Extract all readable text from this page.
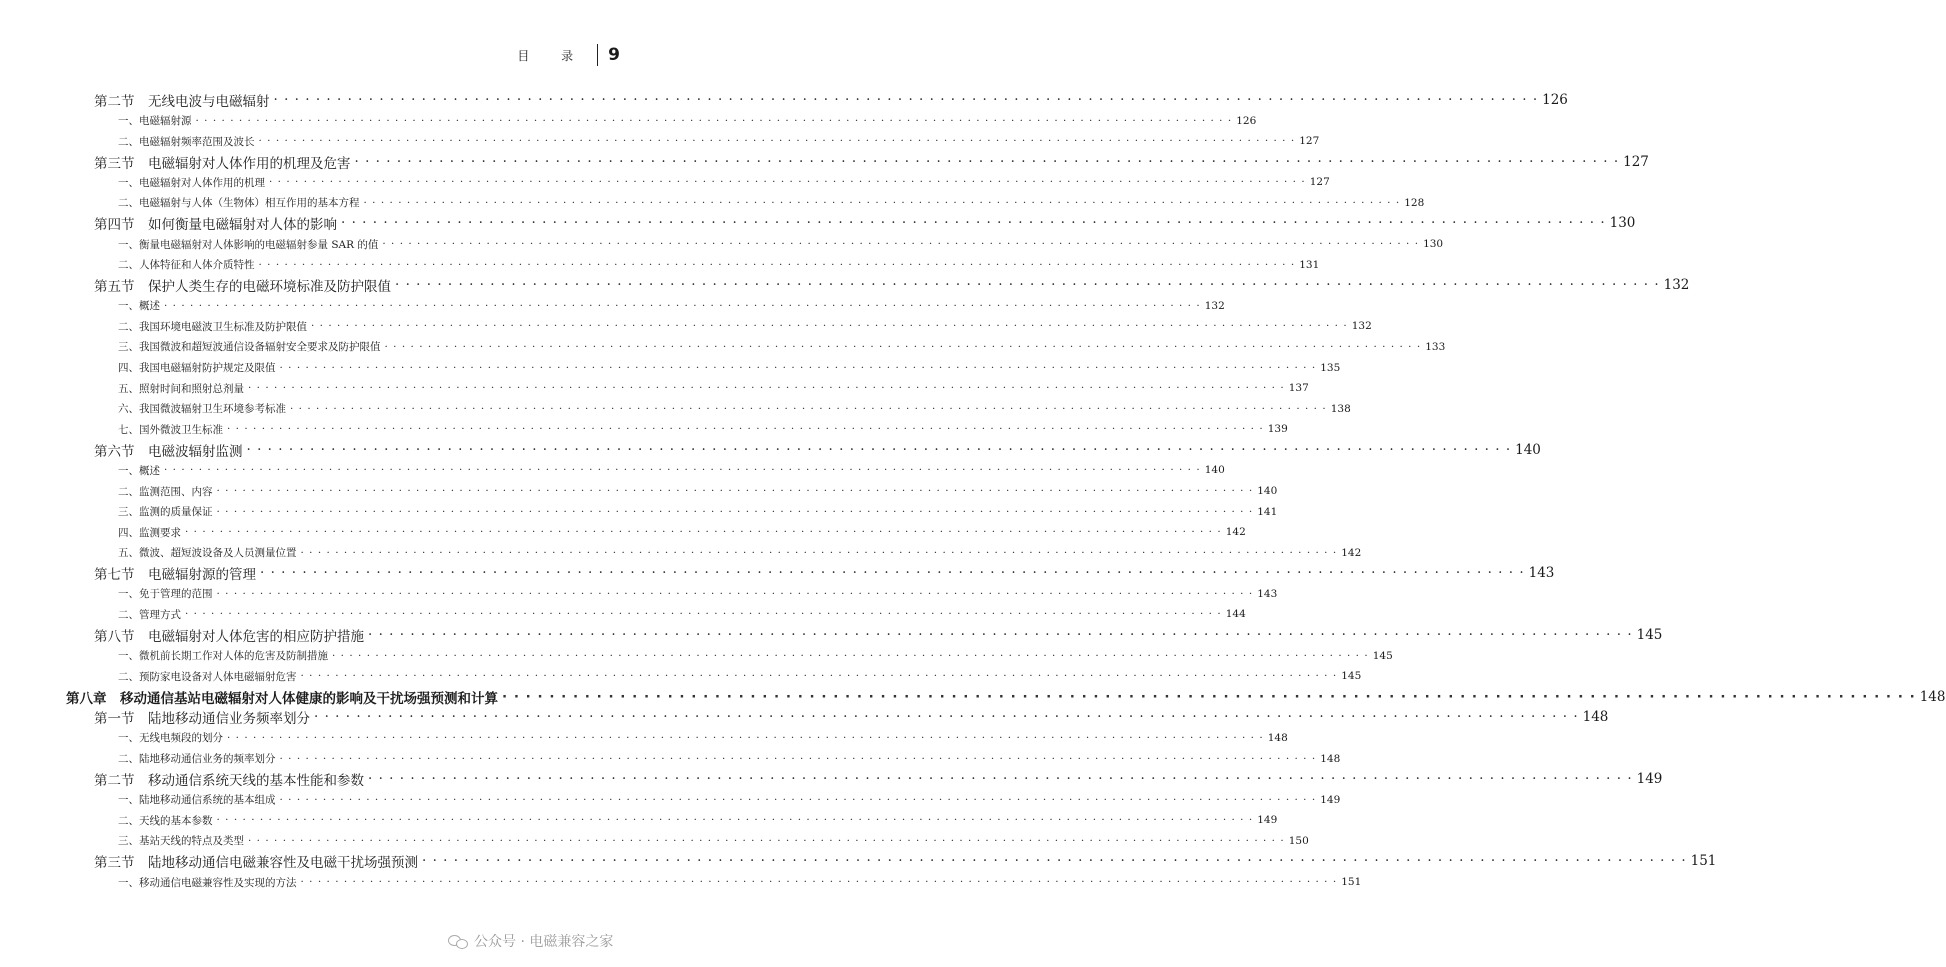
目 录 9
第二节　无线电波与电磁辐射 · · · · · · · · · · · · · · · · · · · · · · · · · · · · · · · · · · · · · · · · · · · · · · · · · · · · · · · · · · · · · · · · · · · · · · · · · · · · · · · · · · · · · · · · · · · · · · · · · · · · · · · · · · · · · · · · · · · · · · · · 126
一、电磁辐射源 · · · · · · · · · · · · · · · · · · · · · · · · · · · · · · · · · · · · · · · · · · · · · · · · · · · · · · · · · · · · · · · · · · · · · · · · · · · · · · · · · · · · · · · · · · · · · · · · · · · · · · · · · · · · · · · · · · · · · · · · 126
二、电磁辐射频率范围及波长 · · · · · · · · · · · · · · · · · · · · · · · · · · · · · · · · · · · · · · · · · · · · · · · · · · · · · · · · · · · · · · · · · · · · · · · · · · · · · · · · · · · · · · · · · · · · · · · · · · · · · · · · · · · · · · · · · · · · · · · · 127
第三节　电磁辐射对人体作用的机理及危害 · · · · · · · · · · · · · · · · · · · · · · · · · · · · · · · · · · · · · · · · · · · · · · · · · · · · · · · · · · · · · · · · · · · · · · · · · · · · · · · · · · · · · · · · · · · · · · · · · · · · · · · · · · · · · · · · · · · · · · · · 127
一、电磁辐射对人体作用的机理 · · · · · · · · · · · · · · · · · · · · · · · · · · · · · · · · · · · · · · · · · · · · · · · · · · · · · · · · · · · · · · · · · · · · · · · · · · · · · · · · · · · · · · · · · · · · · · · · · · · · · · · · · · · · · · · · · · · · · · · · 127
二、电磁辐射与人体（生物体）相互作用的基本方程 · · · · · · · · · · · · · · · · · · · · · · · · · · · · · · · · · · · · · · · · · · · · · · · · · · · · · · · · · · · · · · · · · · · · · · · · · · · · · · · · · · · · · · · · · · · · · · · · · · · · · · · · · · · · · · · · · · · · · · · · 128
第四节　如何衡量电磁辐射对人体的影响 · · · · · · · · · · · · · · · · · · · · · · · · · · · · · · · · · · · · · · · · · · · · · · · · · · · · · · · · · · · · · · · · · · · · · · · · · · · · · · · · · · · · · · · · · · · · · · · · · · · · · · · · · · · · · · · · · · · · · · · · 130
一、衡量电磁辐射对人体影响的电磁辐射参量 SAR 的值 · · · · · · · · · · · · · · · · · · · · · · · · · · · · · · · · · · · · · · · · · · · · · · · · · · · · · · · · · · · · · · · · · · · · · · · · · · · · · · · · · · · · · · · · · · · · · · · · · · · · · · · · · · · · · · · · · · · · · · · · 130
二、人体特征和人体介质特性 · · · · · · · · · · · · · · · · · · · · · · · · · · · · · · · · · · · · · · · · · · · · · · · · · · · · · · · · · · · · · · · · · · · · · · · · · · · · · · · · · · · · · · · · · · · · · · · · · · · · · · · · · · · · · · · · · · · · · · · · 131
第五节　保护人类生存的电磁环境标准及防护限值 · · · · · · · · · · · · · · · · · · · · · · · · · · · · · · · · · · · · · · · · · · · · · · · · · · · · · · · · · · · · · · · · · · · · · · · · · · · · · · · · · · · · · · · · · · · · · · · · · · · · · · · · · · · · · · · · · · · · · · · · 132
一、概述 · · · · · · · · · · · · · · · · · · · · · · · · · · · · · · · · · · · · · · · · · · · · · · · · · · · · · · · · · · · · · · · · · · · · · · · · · · · · · · · · · · · · · · · · · · · · · · · · · · · · · · · · · · · · · · · · · · · · · · · · 132
二、我国环境电磁波卫生标准及防护限值 · · · · · · · · · · · · · · · · · · · · · · · · · · · · · · · · · · · · · · · · · · · · · · · · · · · · · · · · · · · · · · · · · · · · · · · · · · · · · · · · · · · · · · · · · · · · · · · · · · · · · · · · · · · · · · · · · · · · · · · · 132
三、我国微波和超短波通信设备辐射安全要求及防护限值 · · · · · · · · · · · · · · · · · · · · · · · · · · · · · · · · · · · · · · · · · · · · · · · · · · · · · · · · · · · · · · · · · · · · · · · · · · · · · · · · · · · · · · · · · · · · · · · · · · · · · · · · · · · · · · · · · · · · · · · · 133
四、我国电磁辐射防护规定及限值 · · · · · · · · · · · · · · · · · · · · · · · · · · · · · · · · · · · · · · · · · · · · · · · · · · · · · · · · · · · · · · · · · · · · · · · · · · · · · · · · · · · · · · · · · · · · · · · · · · · · · · · · · · · · · · · · · · · · · · · · 135
五、照射时间和照射总剂量 · · · · · · · · · · · · · · · · · · · · · · · · · · · · · · · · · · · · · · · · · · · · · · · · · · · · · · · · · · · · · · · · · · · · · · · · · · · · · · · · · · · · · · · · · · · · · · · · · · · · · · · · · · · · · · · · · · · · · · · · 137
六、我国微波辐射卫生环境参考标准 · · · · · · · · · · · · · · · · · · · · · · · · · · · · · · · · · · · · · · · · · · · · · · · · · · · · · · · · · · · · · · · · · · · · · · · · · · · · · · · · · · · · · · · · · · · · · · · · · · · · · · · · · · · · · · · · · · · · · · · · 138
七、国外微波卫生标准 · · · · · · · · · · · · · · · · · · · · · · · · · · · · · · · · · · · · · · · · · · · · · · · · · · · · · · · · · · · · · · · · · · · · · · · · · · · · · · · · · · · · · · · · · · · · · · · · · · · · · · · · · · · · · · · · · · · · · · · · 139
第六节　电磁波辐射监测 · · · · · · · · · · · · · · · · · · · · · · · · · · · · · · · · · · · · · · · · · · · · · · · · · · · · · · · · · · · · · · · · · · · · · · · · · · · · · · · · · · · · · · · · · · · · · · · · · · · · · · · · · · · · · · · · · · · · · · · · 140
一、概述 · · · · · · · · · · · · · · · · · · · · · · · · · · · · · · · · · · · · · · · · · · · · · · · · · · · · · · · · · · · · · · · · · · · · · · · · · · · · · · · · · · · · · · · · · · · · · · · · · · · · · · · · · · · · · · · · · · · · · · · · 140
二、监测范围、内容 · · · · · · · · · · · · · · · · · · · · · · · · · · · · · · · · · · · · · · · · · · · · · · · · · · · · · · · · · · · · · · · · · · · · · · · · · · · · · · · · · · · · · · · · · · · · · · · · · · · · · · · · · · · · · · · · · · · · · · · · 140
三、监测的质量保证 · · · · · · · · · · · · · · · · · · · · · · · · · · · · · · · · · · · · · · · · · · · · · · · · · · · · · · · · · · · · · · · · · · · · · · · · · · · · · · · · · · · · · · · · · · · · · · · · · · · · · · · · · · · · · · · · · · · · · · · · 141
四、监测要求 · · · · · · · · · · · · · · · · · · · · · · · · · · · · · · · · · · · · · · · · · · · · · · · · · · · · · · · · · · · · · · · · · · · · · · · · · · · · · · · · · · · · · · · · · · · · · · · · · · · · · · · · · · · · · · · · · · · · · · · · 142
五、微波、超短波设备及人员测量位置 · · · · · · · · · · · · · · · · · · · · · · · · · · · · · · · · · · · · · · · · · · · · · · · · · · · · · · · · · · · · · · · · · · · · · · · · · · · · · · · · · · · · · · · · · · · · · · · · · · · · · · · · · · · · · · · · · · · · · · · · 142
第七节　电磁辐射源的管理 · · · · · · · · · · · · · · · · · · · · · · · · · · · · · · · · · · · · · · · · · · · · · · · · · · · · · · · · · · · · · · · · · · · · · · · · · · · · · · · · · · · · · · · · · · · · · · · · · · · · · · · · · · · · · · · · · · · · · · · · 143
一、免于管理的范围 · · · · · · · · · · · · · · · · · · · · · · · · · · · · · · · · · · · · · · · · · · · · · · · · · · · · · · · · · · · · · · · · · · · · · · · · · · · · · · · · · · · · · · · · · · · · · · · · · · · · · · · · · · · · · · · · · · · · · · · · 143
二、管理方式 · · · · · · · · · · · · · · · · · · · · · · · · · · · · · · · · · · · · · · · · · · · · · · · · · · · · · · · · · · · · · · · · · · · · · · · · · · · · · · · · · · · · · · · · · · · · · · · · · · · · · · · · · · · · · · · · · · · · · · · · 144
第八节　电磁辐射对人体危害的相应防护措施 · · · · · · · · · · · · · · · · · · · · · · · · · · · · · · · · · · · · · · · · · · · · · · · · · · · · · · · · · · · · · · · · · · · · · · · · · · · · · · · · · · · · · · · · · · · · · · · · · · · · · · · · · · · · · · · · · · · · · · · · 145
一、微机前长期工作对人体的危害及防制措施 · · · · · · · · · · · · · · · · · · · · · · · · · · · · · · · · · · · · · · · · · · · · · · · · · · · · · · · · · · · · · · · · · · · · · · · · · · · · · · · · · · · · · · · · · · · · · · · · · · · · · · · · · · · · · · · · · · · · · · · · 145
二、预防家电设备对人体电磁辐射危害 · · · · · · · · · · · · · · · · · · · · · · · · · · · · · · · · · · · · · · · · · · · · · · · · · · · · · · · · · · · · · · · · · · · · · · · · · · · · · · · · · · · · · · · · · · · · · · · · · · · · · · · · · · · · · · · · · · · · · · · · 145
第八章　移动通信基站电磁辐射对人体健康的影响及干扰场强预测和计算 · · · · · · · · · · · · · · · · · · · · · · · · · · · · · · · · · · · · · · · · · · · · · · · · · · · · · · · · · · · · · · · · · · · · · · · · · · · · · · · · · · · · · · · · · · · · · · · · · · · · · · · · · · · · · · · · · · · · · · · · 148
第一节　陆地移动通信业务频率划分 · · · · · · · · · · · · · · · · · · · · · · · · · · · · · · · · · · · · · · · · · · · · · · · · · · · · · · · · · · · · · · · · · · · · · · · · · · · · · · · · · · · · · · · · · · · · · · · · · · · · · · · · · · · · · · · · · · · · · · · · 148
一、无线电频段的划分 · · · · · · · · · · · · · · · · · · · · · · · · · · · · · · · · · · · · · · · · · · · · · · · · · · · · · · · · · · · · · · · · · · · · · · · · · · · · · · · · · · · · · · · · · · · · · · · · · · · · · · · · · · · · · · · · · · · · · · · · 148
二、陆地移动通信业务的频率划分 · · · · · · · · · · · · · · · · · · · · · · · · · · · · · · · · · · · · · · · · · · · · · · · · · · · · · · · · · · · · · · · · · · · · · · · · · · · · · · · · · · · · · · · · · · · · · · · · · · · · · · · · · · · · · · · · · · · · · · · · 148
第二节　移动通信系统天线的基本性能和参数 · · · · · · · · · · · · · · · · · · · · · · · · · · · · · · · · · · · · · · · · · · · · · · · · · · · · · · · · · · · · · · · · · · · · · · · · · · · · · · · · · · · · · · · · · · · · · · · · · · · · · · · · · · · · · · · · · · · · · · · · 149
一、陆地移动通信系统的基本组成 · · · · · · · · · · · · · · · · · · · · · · · · · · · · · · · · · · · · · · · · · · · · · · · · · · · · · · · · · · · · · · · · · · · · · · · · · · · · · · · · · · · · · · · · · · · · · · · · · · · · · · · · · · · · · · · · · · · · · · · · 149
二、天线的基本参数 · · · · · · · · · · · · · · · · · · · · · · · · · · · · · · · · · · · · · · · · · · · · · · · · · · · · · · · · · · · · · · · · · · · · · · · · · · · · · · · · · · · · · · · · · · · · · · · · · · · · · · · · · · · · · · · · · · · · · · · · 149
三、基站天线的特点及类型 · · · · · · · · · · · · · · · · · · · · · · · · · · · · · · · · · · · · · · · · · · · · · · · · · · · · · · · · · · · · · · · · · · · · · · · · · · · · · · · · · · · · · · · · · · · · · · · · · · · · · · · · · · · · · · · · · · · · · · · · 150
第三节　陆地移动通信电磁兼容性及电磁干扰场强预测 · · · · · · · · · · · · · · · · · · · · · · · · · · · · · · · · · · · · · · · · · · · · · · · · · · · · · · · · · · · · · · · · · · · · · · · · · · · · · · · · · · · · · · · · · · · · · · · · · · · · · · · · · · · · · · · · · · · · · · · · 151
一、移动通信电磁兼容性及实现的方法 · · · · · · · · · · · · · · · · · · · · · · · · · · · · · · · · · · · · · · · · · · · · · · · · · · · · · · · · · · · · · · · · · · · · · · · · · · · · · · · · · · · · · · · · · · · · · · · · · · · · · · · · · · · · · · · · · · · · · · · · 151
公众号 · 电磁兼容之家
